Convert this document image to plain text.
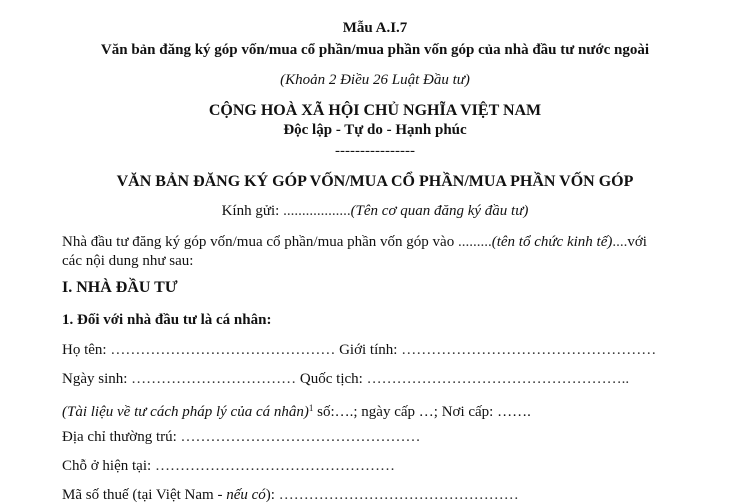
Mẫu A.I.7
Văn bản đăng ký góp vốn/mua cổ phần/mua phần vốn góp của nhà đầu tư nước ngoài
(Khoản 2 Điều 26 Luật Đầu tư)
CỘNG HOÀ XÃ HỘI CHỦ NGHĨA VIỆT NAM
Độc lập - Tự do - Hạnh phúc
----------------
VĂN BẢN ĐĂNG KÝ GÓP VỐN/MUA CỔ PHẦN/MUA PHẦN VỐN GÓP
Kính gửi: ..................(Tên cơ quan đăng ký đầu tư)
Nhà đầu tư đăng ký góp vốn/mua cổ phần/mua phần vốn góp vào .........(tên tổ chức kinh tế)....với
các nội dung như sau:
I. NHÀ ĐẦU TƯ
1. Đối với nhà đầu tư là cá nhân:
Họ tên: ……………………………………… Giới tính: ……………………………………………
Ngày sinh: …………………………… Quốc tịch: ……………………………………………..
(Tài liệu về tư cách pháp lý của cá nhân)$^1$ số:….; ngày cấp …; Nơi cấp: …….
Địa chỉ thường trú: …………………………………………
Chỗ ở hiện tại: …………………………………………
Mã số thuế (tại Việt Nam - nếu có): …………………………………………
